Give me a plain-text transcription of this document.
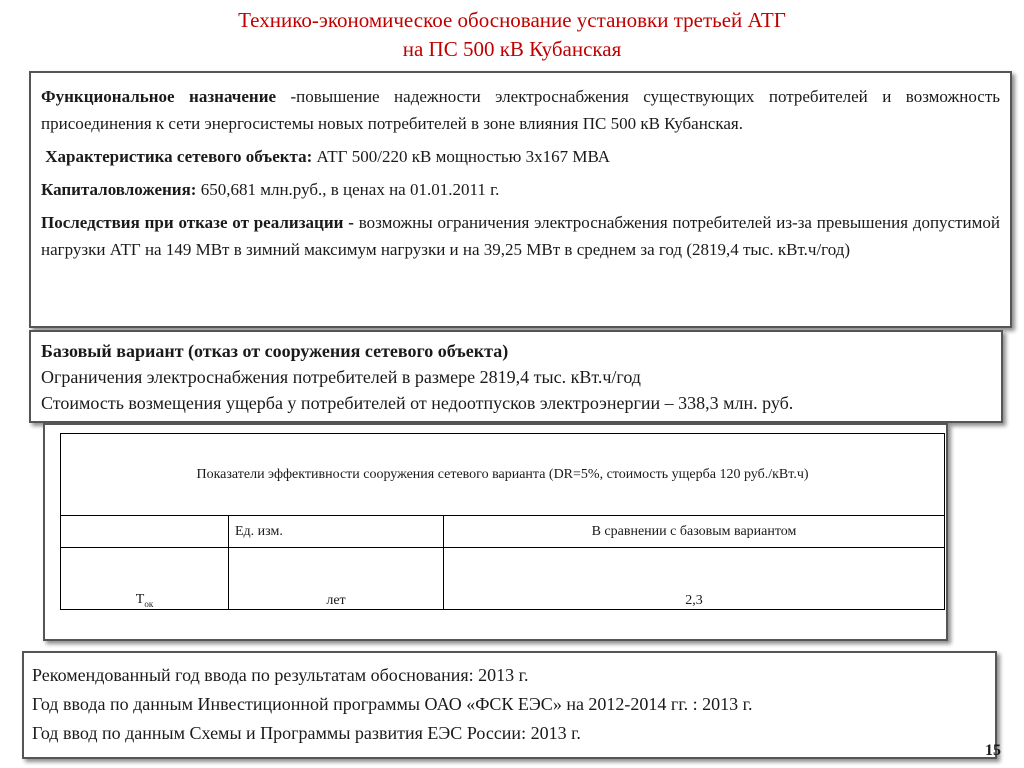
Технико-экономическое обоснование установки третьей АТГ
на ПС 500 кВ Кубанская

Функциональное назначение -повышение надежности электроснабжения существующих потребителей и возможность присоединения к сети энергосистемы новых потребителей в зоне влияния ПС 500 кВ Кубанская.

Характеристика сетевого объекта: АТГ 500/220 кВ мощностью 3х167 МВА

Капиталовложения: 650,681 млн.руб., в ценах на 01.01.2011 г.

Последствия при отказе от реализации - возможны ограничения электроснабжения потребителей из-за превышения допустимой нагрузки АТГ на 149 МВт в зимний максимум нагрузки и на 39,25 МВт в среднем за год (2819,4 тыс. кВт.ч/год)

Базовый вариант (отказ от сооружения сетевого объекта)
Ограничения электроснабжения потребителей в размере 2819,4 тыс. кВт.ч/год
Стоимость возмещения ущерба у потребителей от недоотпусков электроэнергии – 338,3 млн. руб.
Показатели эффективности сооружения сетевого варианта (DR=5%, стоимость ущерба 120 руб./кВт.ч)		
	Ед. изм.	В сравнении с базовым вариантом
$Т_{ок}$	лет	2,3
Рекомендованный год ввода по результатам обоснования: 2013 г.
Год ввода по данным Инвестиционной программы ОАО «ФСК ЕЭС» на 2012-2014 гг. : 2013 г.
Год ввод по данным Схемы и Программы развития ЕЭС России: 2013 г.
15
